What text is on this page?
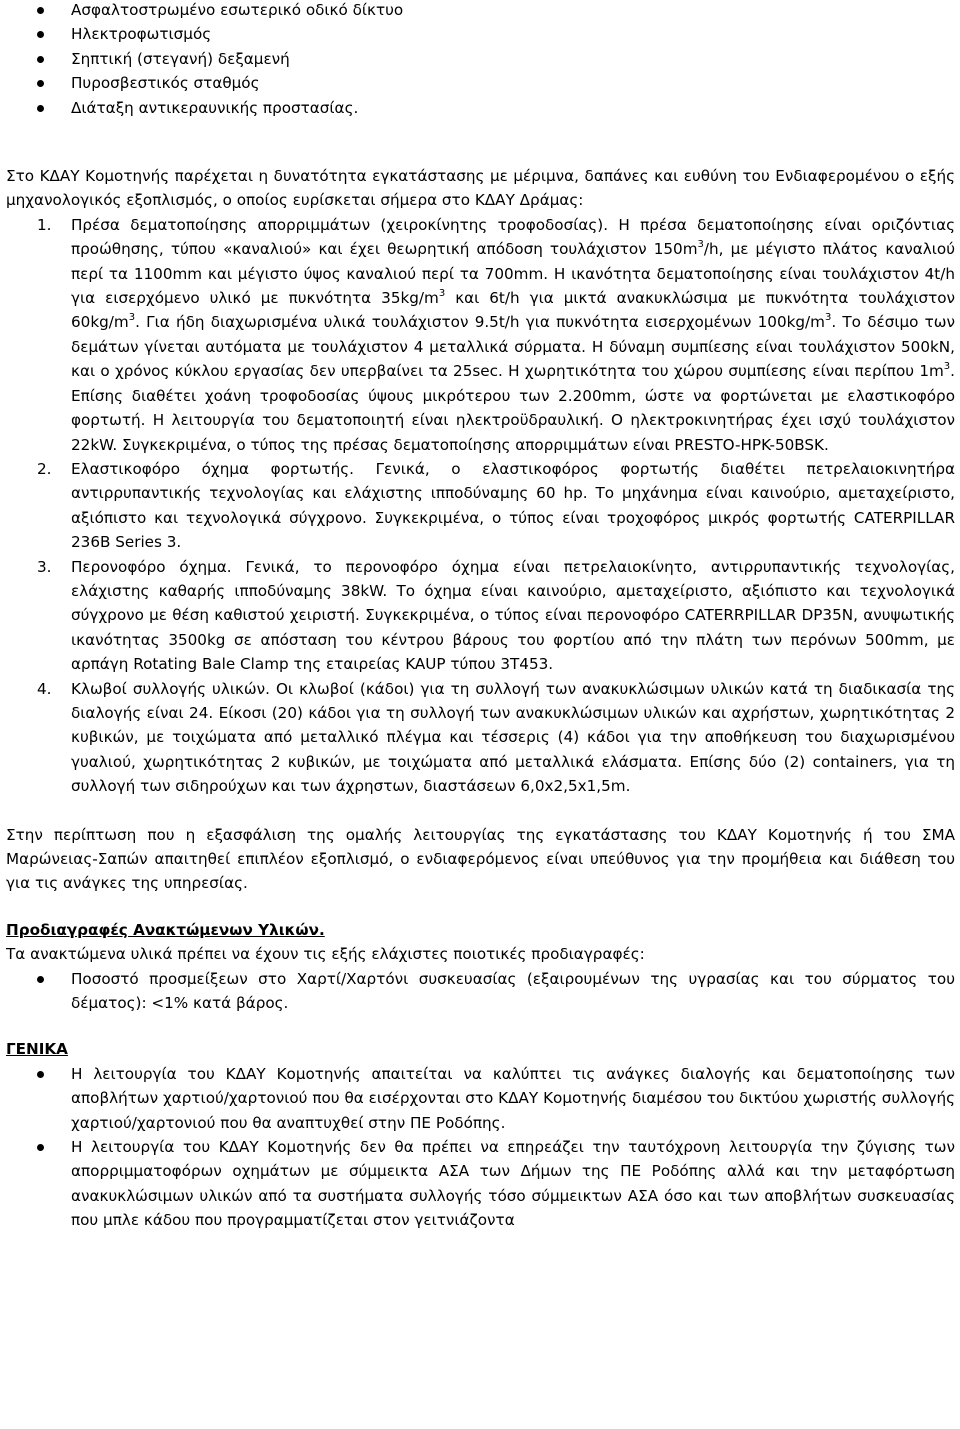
Ασφαλτοστρωμένο εσωτερικό οδικό δίκτυο
Ηλεκτροφωτισμός
Σηπτική (στεγανή) δεξαμενή
Πυροσβεστικός σταθμός
Διάταξη αντικεραυνικής προστασίας.

Στο ΚΔΑΥ Κομοτηνής παρέχεται η δυνατότητα εγκατάστασης με μέριμνα, δαπάνες και ευθύνη του Ενδιαφερομένου ο εξής μηχανολογικός εξοπλισμός, ο οποίος ευρίσκεται σήμερα στο ΚΔΑΥ Δράμας:

1. Πρέσα δεματοποίησης απορριμμάτων (χειροκίνητης τροφοδοσίας). Η πρέσα δεματοποίησης είναι οριζόντιας προώθησης, τύπου «καναλιού» και έχει θεωρητική απόδοση τουλάχιστον $150m^3/h$, με μέγιστο πλάτος καναλιού περί τα 1100mm και μέγιστο ύψος καναλιού περί τα 700mm. Η ικανότητα δεματοποίησης είναι τουλάχιστον 4t/h για εισερχόμενο υλικό με πυκνότητα $35kg/m^3$ και 6t/h για μικτά ανακυκλώσιμα με πυκνότητα τουλάχιστον $60kg/m^3$. Για ήδη διαχωρισμένα υλικά τουλάχιστον 9.5t/h για πυκνότητα εισερχομένων $100kg/m^3$. Το δέσιμο των δεμάτων γίνεται αυτόματα με τουλάχιστον 4 μεταλλικά σύρματα. Η δύναμη συμπίεσης είναι τουλάχιστον 500kN, και ο χρόνος κύκλου εργασίας δεν υπερβαίνει τα 25sec. Η χωρητικότητα του χώρου συμπίεσης είναι περίπου $1m^3$. Επίσης διαθέτει χοάνη τροφοδοσίας ύψους μικρότερου των 2.200mm, ώστε να φορτώνεται με ελαστικοφόρο φορτωτή. Η λειτουργία του δεματοποιητή είναι ηλεκτροϋδραυλική. Ο ηλεκτροκινητήρας έχει ισχύ τουλάχιστον 22kW. Συγκεκριμένα, ο τύπος της πρέσας δεματοποίησης απορριμμάτων είναι PRESTO-HPK-50BSK.
2. Ελαστικοφόρο όχημα φορτωτής. Γενικά, ο ελαστικοφόρος φορτωτής διαθέτει πετρελαιοκινητήρα αντιρρυπαντικής τεχνολογίας και ελάχιστης ιπποδύναμης 60 hp. Το μηχάνημα είναι καινούριο, αμεταχείριστο, αξιόπιστο και τεχνολογικά σύγχρονο. Συγκεκριμένα, ο τύπος είναι τροχοφόρος μικρός φορτωτής CATERPILLAR 236B Series 3.
3. Περονοφόρο όχημα. Γενικά, το περονοφόρο όχημα είναι πετρελαιοκίνητο, αντιρρυπαντικής τεχνολογίας, ελάχιστης καθαρής ιπποδύναμης 38kW. Το όχημα είναι καινούριο, αμεταχείριστο, αξιόπιστο και τεχνολογικά σύγχρονο με θέση καθιστού χειριστή. Συγκεκριμένα, ο τύπος είναι περονοφόρο CATERRPILLAR DP35N, ανυψωτικής ικανότητας 3500kg σε απόσταση του κέντρου βάρους του φορτίου από την πλάτη των περόνων 500mm, με αρπάγη Rotating Bale Clamp της εταιρείας KAUP τύπου 3T453.
4. Κλωβοί συλλογής υλικών. Οι κλωβοί (κάδοι) για τη συλλογή των ανακυκλώσιμων υλικών κατά τη διαδικασία της διαλογής είναι 24. Είκοσι (20) κάδοι για τη συλλογή των ανακυκλώσιμων υλικών και αχρήστων, χωρητικότητας 2 κυβικών, με τοιχώματα από μεταλλικό πλέγμα και τέσσερις (4) κάδοι για την αποθήκευση του διαχωρισμένου γυαλιού, χωρητικότητας 2 κυβικών, με τοιχώματα από μεταλλικά ελάσματα. Επίσης δύο (2) containers, για τη συλλογή των σιδηρούχων και των άχρηστων, διαστάσεων 6,0x2,5x1,5m.

Στην περίπτωση που η εξασφάλιση της ομαλής λειτουργίας της εγκατάστασης του ΚΔΑΥ Κομοτηνής ή του ΣΜΑ Μαρώνειας-Σαπών απαιτηθεί επιπλέον εξοπλισμό, ο ενδιαφερόμενος είναι υπεύθυνος για την προμήθεια και διάθεση του για τις ανάγκες της υπηρεσίας.

Προδιαγραφές Ανακτώμενων Υλικών.

Τα ανακτώμενα υλικά πρέπει να έχουν τις εξής ελάχιστες ποιοτικές προδιαγραφές:

Ποσοστό προσμείξεων στο Χαρτί/Χαρτόνι συσκευασίας (εξαιρουμένων της υγρασίας και του σύρματος του δέματος): <1% κατά βάρος.

ΓΕΝΙΚΑ

Η λειτουργία του ΚΔΑΥ Κομοτηνής απαιτείται να καλύπτει τις ανάγκες διαλογής και δεματοποίησης των αποβλήτων χαρτιού/χαρτονιού που θα εισέρχονται στο ΚΔΑΥ Κομοτηνής διαμέσου του δικτύου χωριστής συλλογής χαρτιού/χαρτονιού που θα αναπτυχθεί στην ΠΕ Ροδόπης.
Η λειτουργία του ΚΔΑΥ Κομοτηνής δεν θα πρέπει να επηρεάζει την ταυτόχρονη λειτουργία την ζύγισης των απορριμματοφόρων οχημάτων με σύμμεικτα ΑΣΑ των Δήμων της ΠΕ Ροδόπης αλλά και την μεταφόρτωση ανακυκλώσιμων υλικών από τα συστήματα συλλογής τόσο σύμμεικτων ΑΣΑ όσο και των αποβλήτων συσκευασίας που μπλε κάδου που προγραμματίζεται στον γειτνιάζοντα
